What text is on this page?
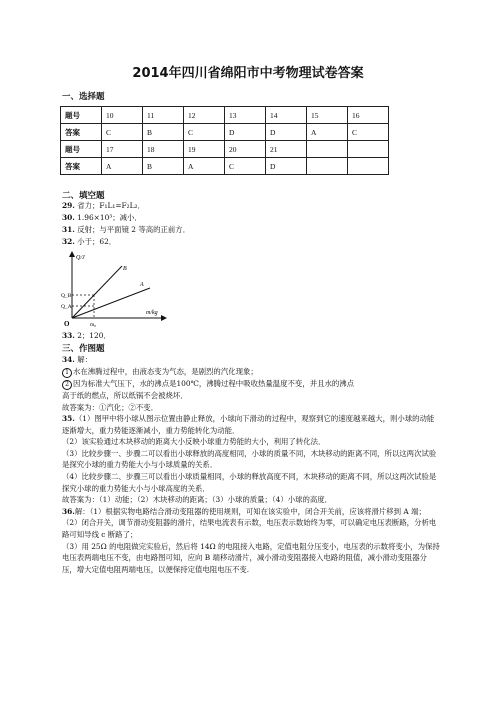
2014年四川省绵阳市中考物理试卷答案
一、选择题
题号	10	11	12	13	14	15	16
答案	C	B	C	D	D	A	C
题号	17	18	19	20	21		
答案	A	B	A	C	D		
二、填空题
29. 省力；F₁L₁=F₂L₂．
30. 1.96×10³；减小．
31. 反射；与平面镜 2 等高的正前方．
32. 小于；62．
Q/J
m/kg
O
B
A
Q_B
Q_A
m₀
33. 2；120．
三、作图题
34. 解：
1 水在沸腾过程中，由液态变为气态，是剧烈的汽化现象；
2 因为标准大气压下，水的沸点是100℃，沸腾过程中吸收热量温度不变，并且水的沸点
高于纸的燃点，所以纸锅不会被烧坏．
故答案为：①汽化；②不变．
35.（1）图甲中将小球从图示位置由静止释放，小球向下滑动的过程中，观察到它的速度越来越大，则小球的动能逐渐增大，重力势能逐渐减小，重力势能转化为动能．
（2）该实验通过木块移动的距离大小反映小球重力势能的大小，利用了转化法．
（3）比较步骤一、步骤二可以看出小球释放的高度相同，小球的质量不同，木块移动的距离不同，所以这两次试验是探究小球的重力势能大小与小球质量的关系．
（4）比较步骤二、步骤三可以看出小球质量相同，小球的释放高度不同，木块移动的距离不同，所以这两次试验是探究小球的重力势能大小与小球高度的关系．
故答案为：（1）动能；（2）木块移动的距离；（3）小球的质量；（4）小球的高度．
36.解：（1）根据实物电路结合滑动变阻器的使用规则，可知在该实验中，闭合开关前，应该将滑片移到 A 端；
（2）闭合开关，调节滑动变阻器的滑片，结果电流表有示数，电压表示数始终为零，可以确定电压表断路，分析电路可知导线 c 断路了；
（3）用 25Ω 的电阻做完实验后，然后将 14Ω 的电阻接入电路，定值电阻分压变小，电压表的示数将变小，为保持电压表两端电压不变，由电路图可知，应向 B 端移动滑片，减小滑动变阻器接入电路的阻值，减小滑动变阻器分压，增大定值电阻两端电压，以便保持定值电阻电压不变.
